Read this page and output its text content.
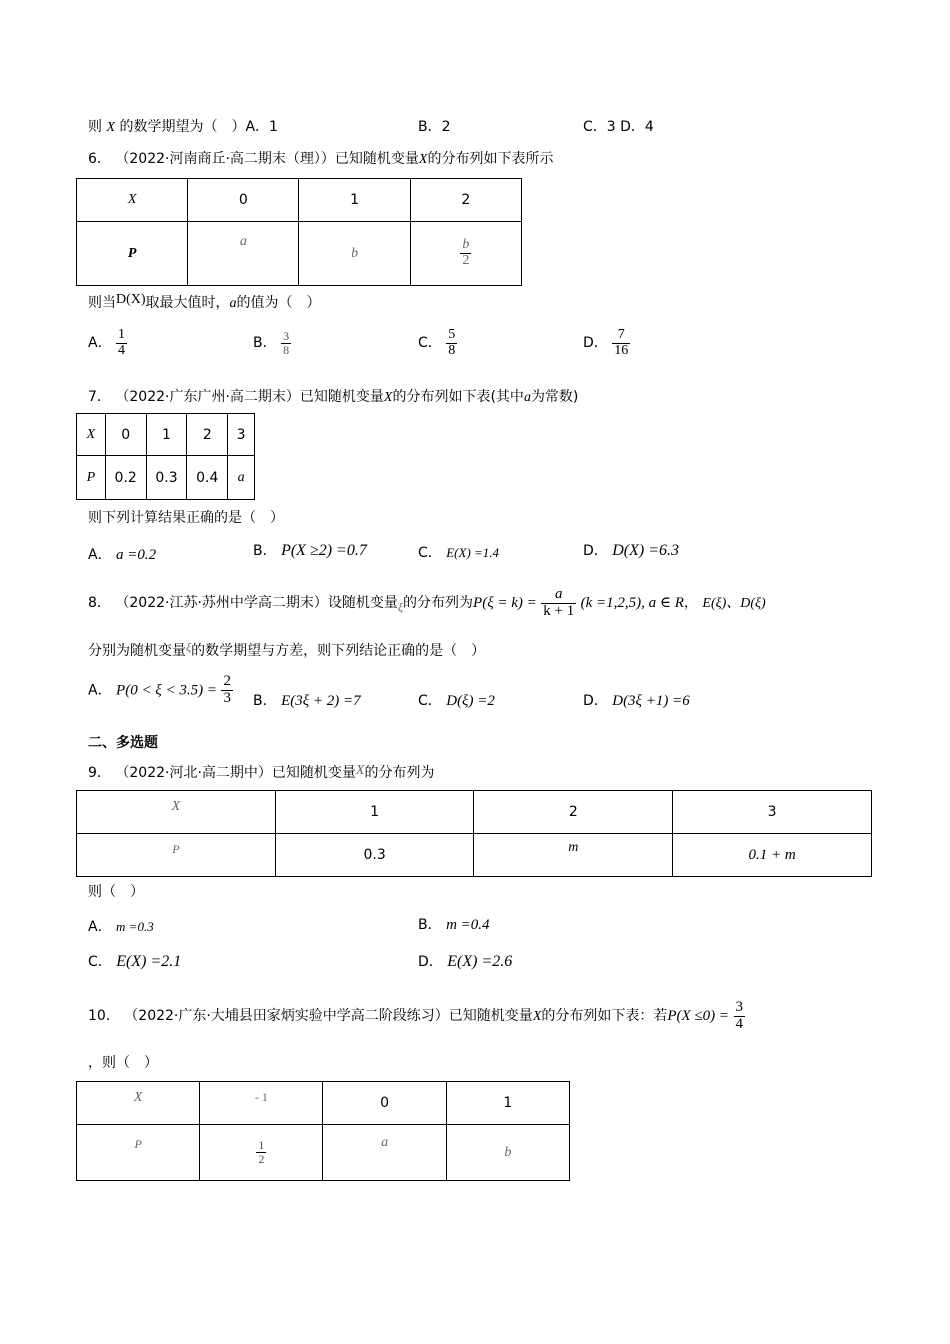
则 X 的数学期望为（　）A．1	B．2	C．3 D．4
6． （2022·河南商丘·高二期末（理））已知随机变量X的分布列如下表所示
X	0	1	2
P	a	b	$\frac{b}{2}$
则当D(X)取最大值时，a的值为（　）
A． $\frac{1}{4}$	B． $\frac{3}{8}$	C． $\frac{5}{8}$	D． $\frac{7}{16}$
7． （2022·广东广州·高二期末）已知随机变量X的分布列如下表(其中a为常数)
X	0	1	2	3
P	0.2	0.3	0.4	a
则下列计算结果正确的是（　）
A． a =0.2	B． P(X ≥2) =0.7	C． E(X) =1.4	D． D(X) =6.3
8． （2022·江苏·苏州中学高二期末）设随机变量ξ的分布列为$P(\xi = k) = \frac{a}{k + 1} (k =1,2,5)$, a ∈ R， E(ξ)、D(ξ)
分别为随机变量ξ的数学期望与方差，则下列结论正确的是（　）
A． $P(0 < \xi < 3.5) = \frac{2}{3}$ B． E(3ξ + 2) =7	C． D(ξ) =2	D． D(3ξ +1) =6
二、多选题
9． （2022·河北·高二期中）已知随机变量X的分布列为
X	1	2	3
P	0.3	m	0.1 + m
则（　）
A． m =0.3	B． m =0.4
C． E(X) =2.1	D． E(X) =2.6
10． （2022·广东·大埔县田家炳实验中学高二阶段练习）已知随机变量X的分布列如下表：若$P(X \le 0) = \frac{3}{4}$
，则（　）
X	- 1	0	1
P	$\frac{1}{2}$	a	b
